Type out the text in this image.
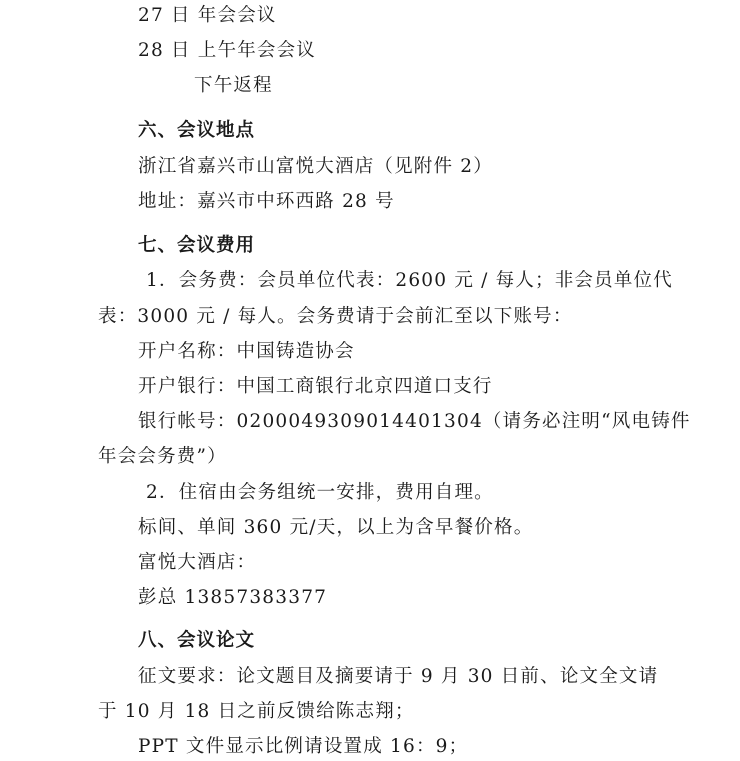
27 日 年会会议
28 日 上午年会会议
下午返程
六、会议地点
浙江省嘉兴市山富悦大酒店（见附件 2）
地址：嘉兴市中环西路 28 号
七、会议费用
1．会务费：会员单位代表：2600 元 / 每人；非会员单位代
表：3000 元 / 每人。会务费请于会前汇至以下账号：
开户名称：中国铸造协会
开户银行：中国工商银行北京四道口支行
银行帐号：0200049309014401304（请务必注明“风电铸件
年会会务费”）
2．住宿由会务组统一安排，费用自理。
标间、单间 360 元/天，以上为含早餐价格。
富悦大酒店：
彭总 13857383377
八、会议论文
征文要求：论文题目及摘要请于 9 月 30 日前、论文全文请
于 10 月 18 日之前反馈给陈志翔；
PPT 文件显示比例请设置成 16：9；
